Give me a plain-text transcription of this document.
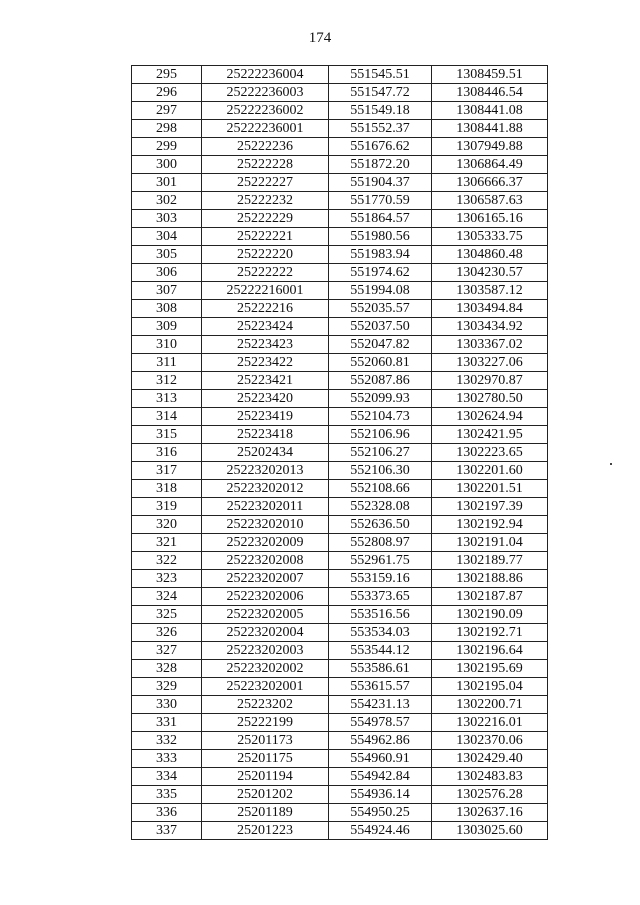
174
295	25222236004	551545.51	1308459.51
296	25222236003	551547.72	1308446.54
297	25222236002	551549.18	1308441.08
298	25222236001	551552.37	1308441.88
299	25222236	551676.62	1307949.88
300	25222228	551872.20	1306864.49
301	25222227	551904.37	1306666.37
302	25222232	551770.59	1306587.63
303	25222229	551864.57	1306165.16
304	25222221	551980.56	1305333.75
305	25222220	551983.94	1304860.48
306	25222222	551974.62	1304230.57
307	25222216001	551994.08	1303587.12
308	25222216	552035.57	1303494.84
309	25223424	552037.50	1303434.92
310	25223423	552047.82	1303367.02
311	25223422	552060.81	1303227.06
312	25223421	552087.86	1302970.87
313	25223420	552099.93	1302780.50
314	25223419	552104.73	1302624.94
315	25223418	552106.96	1302421.95
316	25202434	552106.27	1302223.65
317	25223202013	552106.30	1302201.60
318	25223202012	552108.66	1302201.51
319	25223202011	552328.08	1302197.39
320	25223202010	552636.50	1302192.94
321	25223202009	552808.97	1302191.04
322	25223202008	552961.75	1302189.77
323	25223202007	553159.16	1302188.86
324	25223202006	553373.65	1302187.87
325	25223202005	553516.56	1302190.09
326	25223202004	553534.03	1302192.71
327	25223202003	553544.12	1302196.64
328	25223202002	553586.61	1302195.69
329	25223202001	553615.57	1302195.04
330	25223202	554231.13	1302200.71
331	25222199	554978.57	1302216.01
332	25201173	554962.86	1302370.06
333	25201175	554960.91	1302429.40
334	25201194	554942.84	1302483.83
335	25201202	554936.14	1302576.28
336	25201189	554950.25	1302637.16
337	25201223	554924.46	1303025.60
